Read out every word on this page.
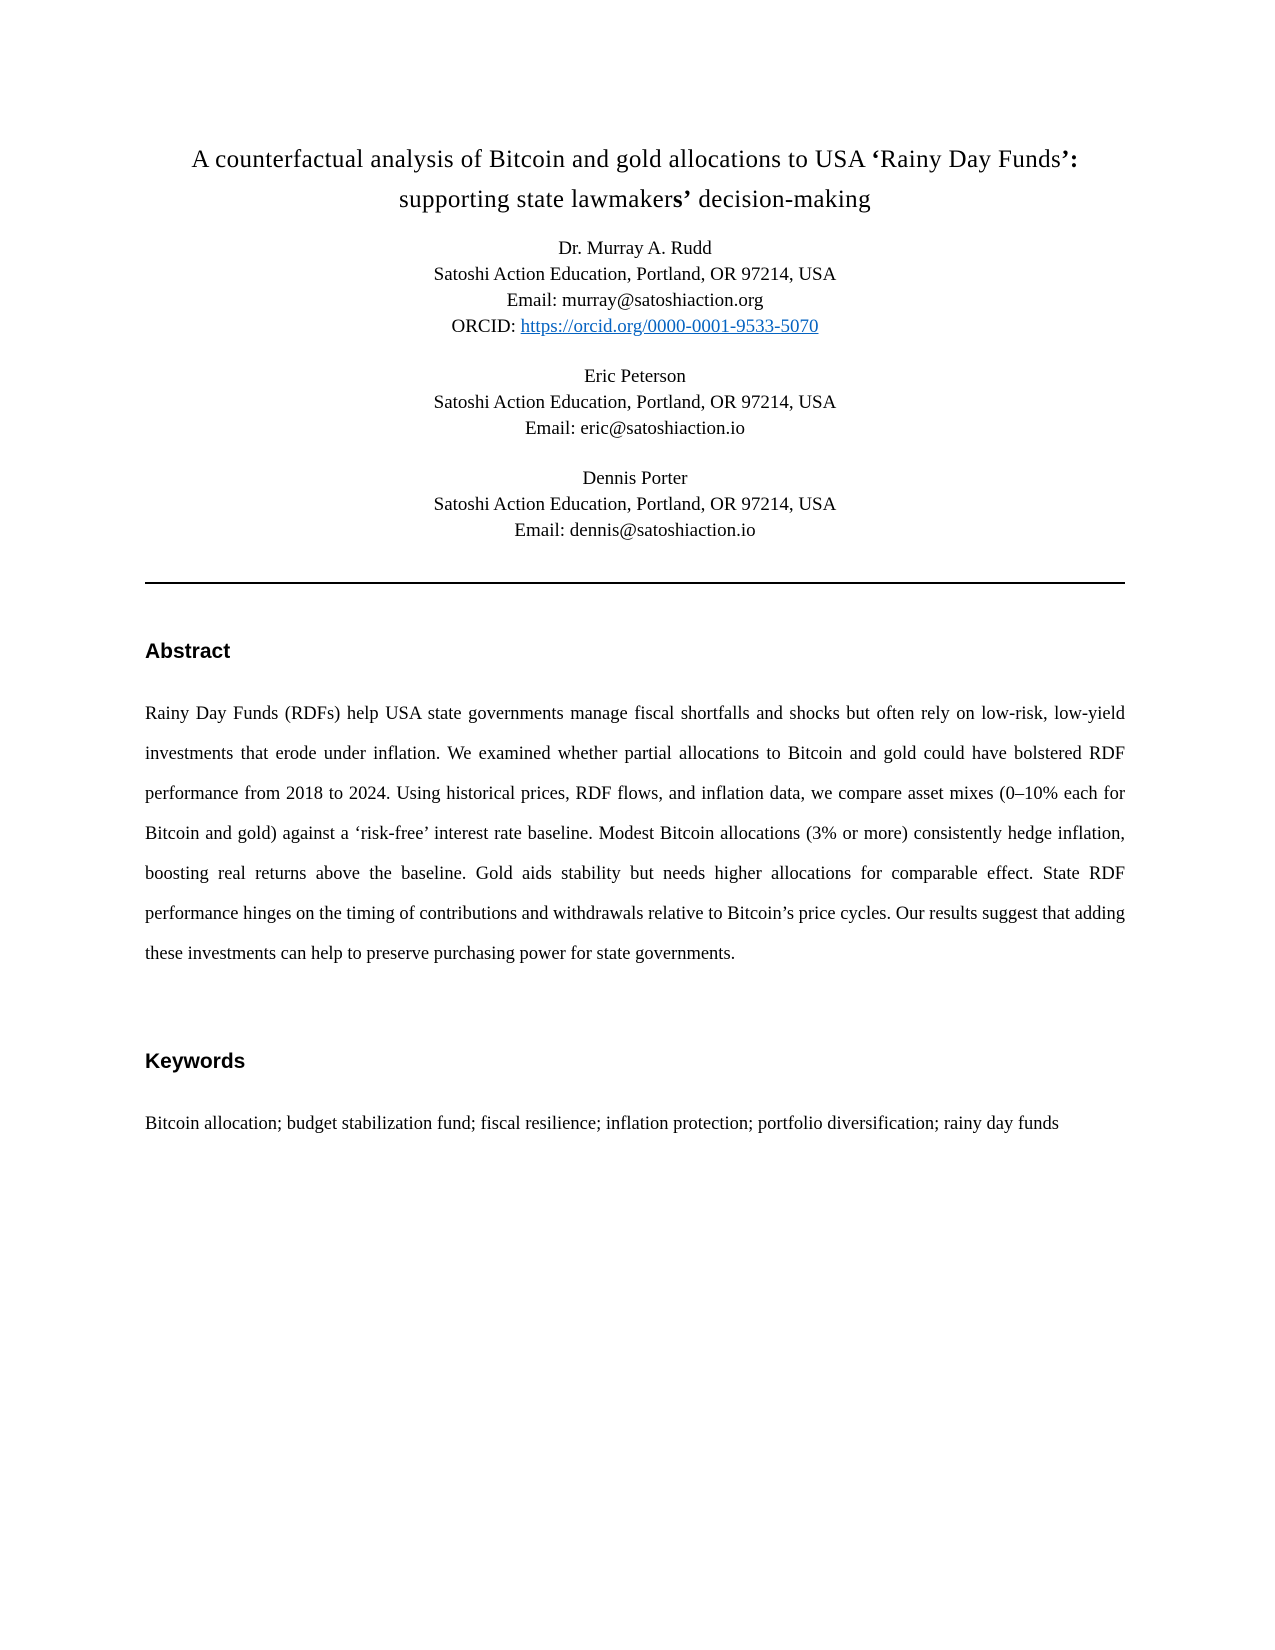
A counterfactual analysis of Bitcoin and gold allocations to USA ‘Rainy Day Funds’: supporting state lawmakers’ decision-making
Dr. Murray A. Rudd
Satoshi Action Education, Portland, OR 97214, USA
Email: murray@satoshiaction.org
ORCID: https://orcid.org/0000-0001-9533-5070
Eric Peterson
Satoshi Action Education, Portland, OR 97214, USA
Email: eric@satoshiaction.io
Dennis Porter
Satoshi Action Education, Portland, OR 97214, USA
Email: dennis@satoshiaction.io
Abstract

Rainy Day Funds (RDFs) help USA state governments manage fiscal shortfalls and shocks but often rely on low-risk, low-yield investments that erode under inflation. We examined whether partial allocations to Bitcoin and gold could have bolstered RDF performance from 2018 to 2024. Using historical prices, RDF flows, and inflation data, we compare asset mixes (0–10% each for Bitcoin and gold) against a ‘risk-free’ interest rate baseline. Modest Bitcoin allocations (3% or more) consistently hedge inflation, boosting real returns above the baseline. Gold aids stability but needs higher allocations for comparable effect. State RDF performance hinges on the timing of contributions and withdrawals relative to Bitcoin’s price cycles. Our results suggest that adding these investments can help to preserve purchasing power for state governments.

Keywords

Bitcoin allocation; budget stabilization fund; fiscal resilience; inflation protection; portfolio diversification; rainy day funds
